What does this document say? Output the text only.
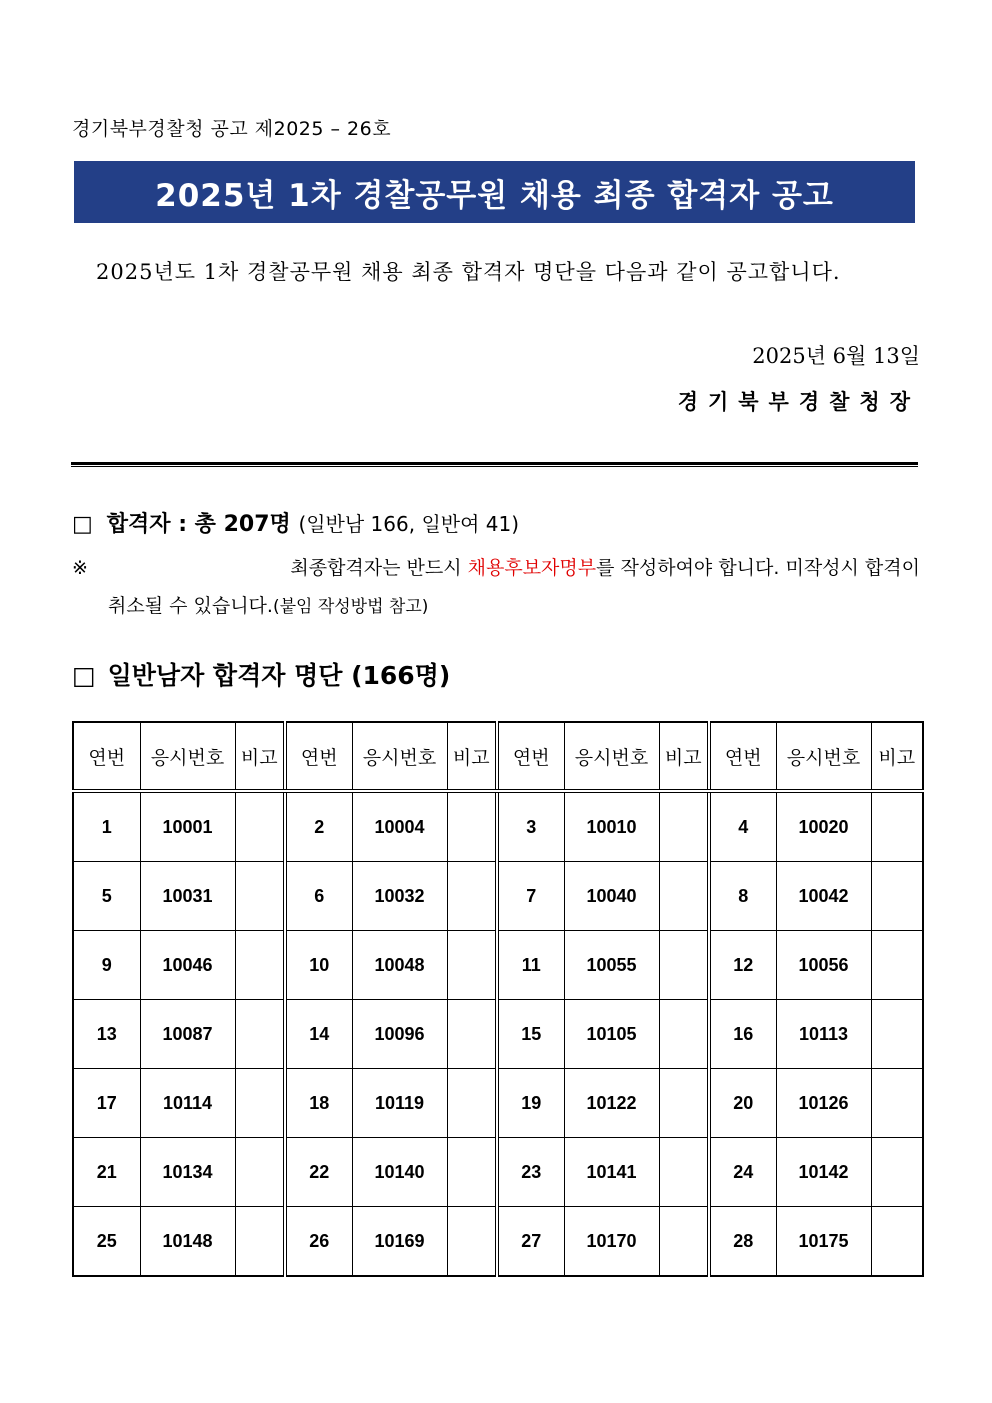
경기북부경찰청 공고 제2025 – 26호
2025년 1차 경찰공무원 채용 최종 합격자 공고
2025년도 1차 경찰공무원 채용 최종 합격자 명단을 다음과 같이 공고합니다.
2025년 6월 13일
경기북부경찰청장
□ 합격자 : 총 207명 (일반남 166, 일반여 41)
※	최종합격자는 반드시 채용후보자명부를 작성하여야 합니다. 미작성시 합격이
취소될 수 있습니다.(붙임 작성방법 참고)
□ 일반남자 합격자 명단 (166명)
연번	응시번호	비고	연번	응시번호	비고	연번	응시번호	비고	연번	응시번호	비고
1	10001		2	10004		3	10010		4	10020	
5	10031		6	10032		7	10040		8	10042	
9	10046		10	10048		11	10055		12	10056	
13	10087		14	10096		15	10105		16	10113	
17	10114		18	10119		19	10122		20	10126	
21	10134		22	10140		23	10141		24	10142	
25	10148		26	10169		27	10170		28	10175	
